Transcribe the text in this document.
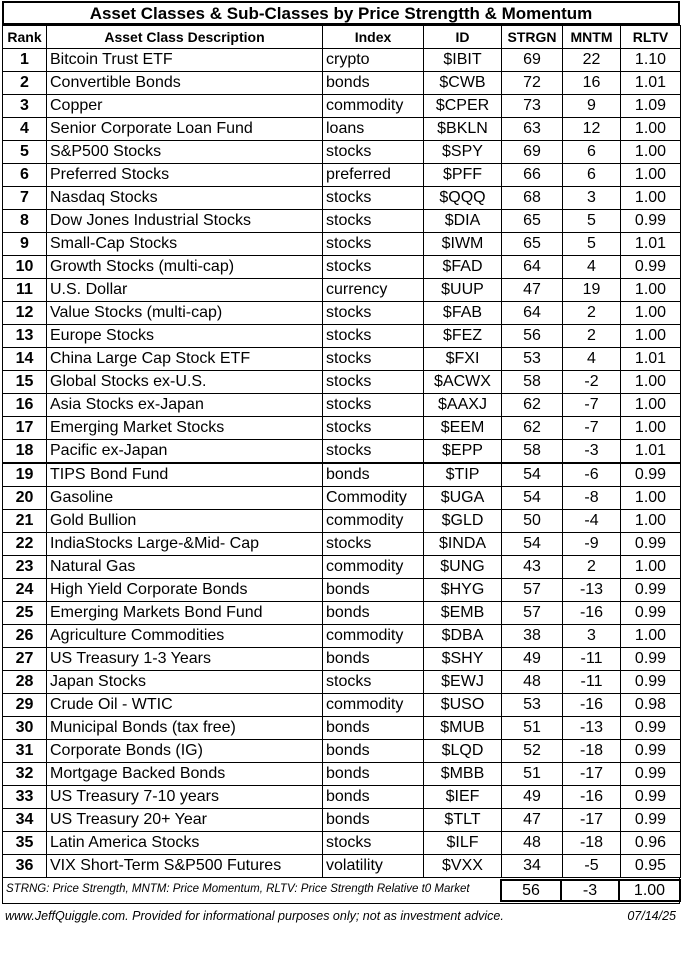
Asset Classes & Sub-Classes by Price Strengtth & Momentum
Rank	Asset Class Description	Index	ID	STRGN	MNTM	RLTV
1	Bitcoin Trust ETF	crypto	$IBIT	69	22	1.10
2	Convertible Bonds	bonds	$CWB	72	16	1.01
3	Copper	commodity	$CPER	73	9	1.09
4	Senior Corporate Loan Fund	loans	$BKLN	63	12	1.00
5	S&P500 Stocks	stocks	$SPY	69	6	1.00
6	Preferred Stocks	preferred	$PFF	66	6	1.00
7	Nasdaq Stocks	stocks	$QQQ	68	3	1.00
8	Dow Jones Industrial Stocks	stocks	$DIA	65	5	0.99
9	Small-Cap Stocks	stocks	$IWM	65	5	1.01
10	Growth Stocks (multi-cap)	stocks	$FAD	64	4	0.99
11	U.S. Dollar	currency	$UUP	47	19	1.00
12	Value Stocks (multi-cap)	stocks	$FAB	64	2	1.00
13	Europe Stocks	stocks	$FEZ	56	2	1.00
14	China Large Cap Stock ETF	stocks	$FXI	53	4	1.01
15	Global Stocks ex-U.S.	stocks	$ACWX	58	-2	1.00
16	Asia Stocks ex-Japan	stocks	$AAXJ	62	-7	1.00
17	Emerging Market Stocks	stocks	$EEM	62	-7	1.00
18	Pacific ex-Japan	stocks	$EPP	58	-3	1.01
19	TIPS Bond Fund	bonds	$TIP	54	-6	0.99
20	Gasoline	Commodity	$UGA	54	-8	1.00
21	Gold Bullion	commodity	$GLD	50	-4	1.00
22	IndiaStocks Large-&Mid- Cap	stocks	$INDA	54	-9	0.99
23	Natural Gas	commodity	$UNG	43	2	1.00
24	High Yield Corporate Bonds	bonds	$HYG	57	-13	0.99
25	Emerging Markets Bond Fund	bonds	$EMB	57	-16	0.99
26	Agriculture Commodities	commodity	$DBA	38	3	1.00
27	US Treasury 1-3 Years	bonds	$SHY	49	-11	0.99
28	Japan Stocks	stocks	$EWJ	48	-11	0.99
29	Crude Oil - WTIC	commodity	$USO	53	-16	0.98
30	Municipal Bonds (tax free)	bonds	$MUB	51	-13	0.99
31	Corporate Bonds (IG)	bonds	$LQD	52	-18	0.99
32	Mortgage Backed Bonds	bonds	$MBB	51	-17	0.99
33	US Treasury 7-10 years	bonds	$IEF	49	-16	0.99
34	US Treasury 20+ Year	bonds	$TLT	47	-17	0.99
35	Latin America Stocks	stocks	$ILF	48	-18	0.96
36	VIX Short-Term S&P500 Futures	volatility	$VXX	34	-5	0.95
STRNG: Price Strength, MNTM: Price Momentum, RLTV: Price Strength Relative t0 Market	56	-3	1.00
www.JeffQuiggle.com. Provided for informational purposes only; not as investment advice.	07/14/25
